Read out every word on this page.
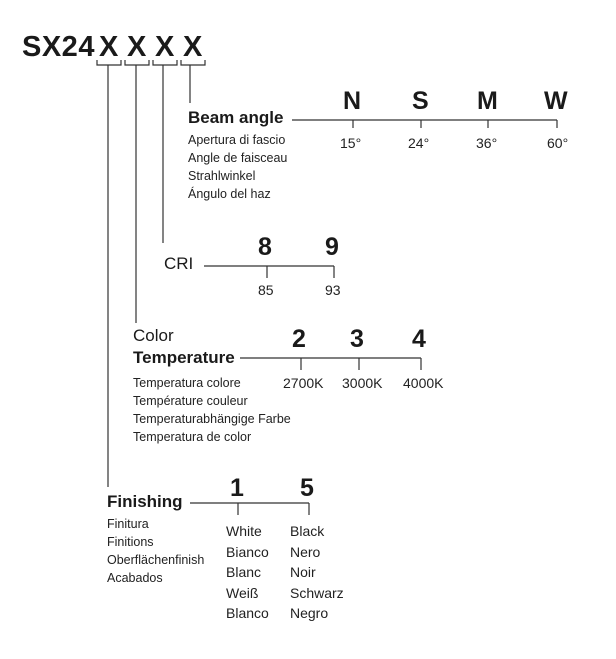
SX24 X X X X
Beam angle
Apertura di fascio
Angle de faisceau
Strahlwinkel
Ángulo del haz
N S M W
15°	24°	36°	60°
CRI
8 9
85	93
Color
Temperature
Temperatura colore
Température couleur
Temperaturabhängige Farbe
Temperatura de color
2 3 4
2700K 3000K 4000K
Finishing
Finitura
Finitions
Oberflächenfinish
Acabados
1 5
White
Bianco
Blanc
Weiß
Blanco
Black
Nero
Noir
Schwarz
Negro
